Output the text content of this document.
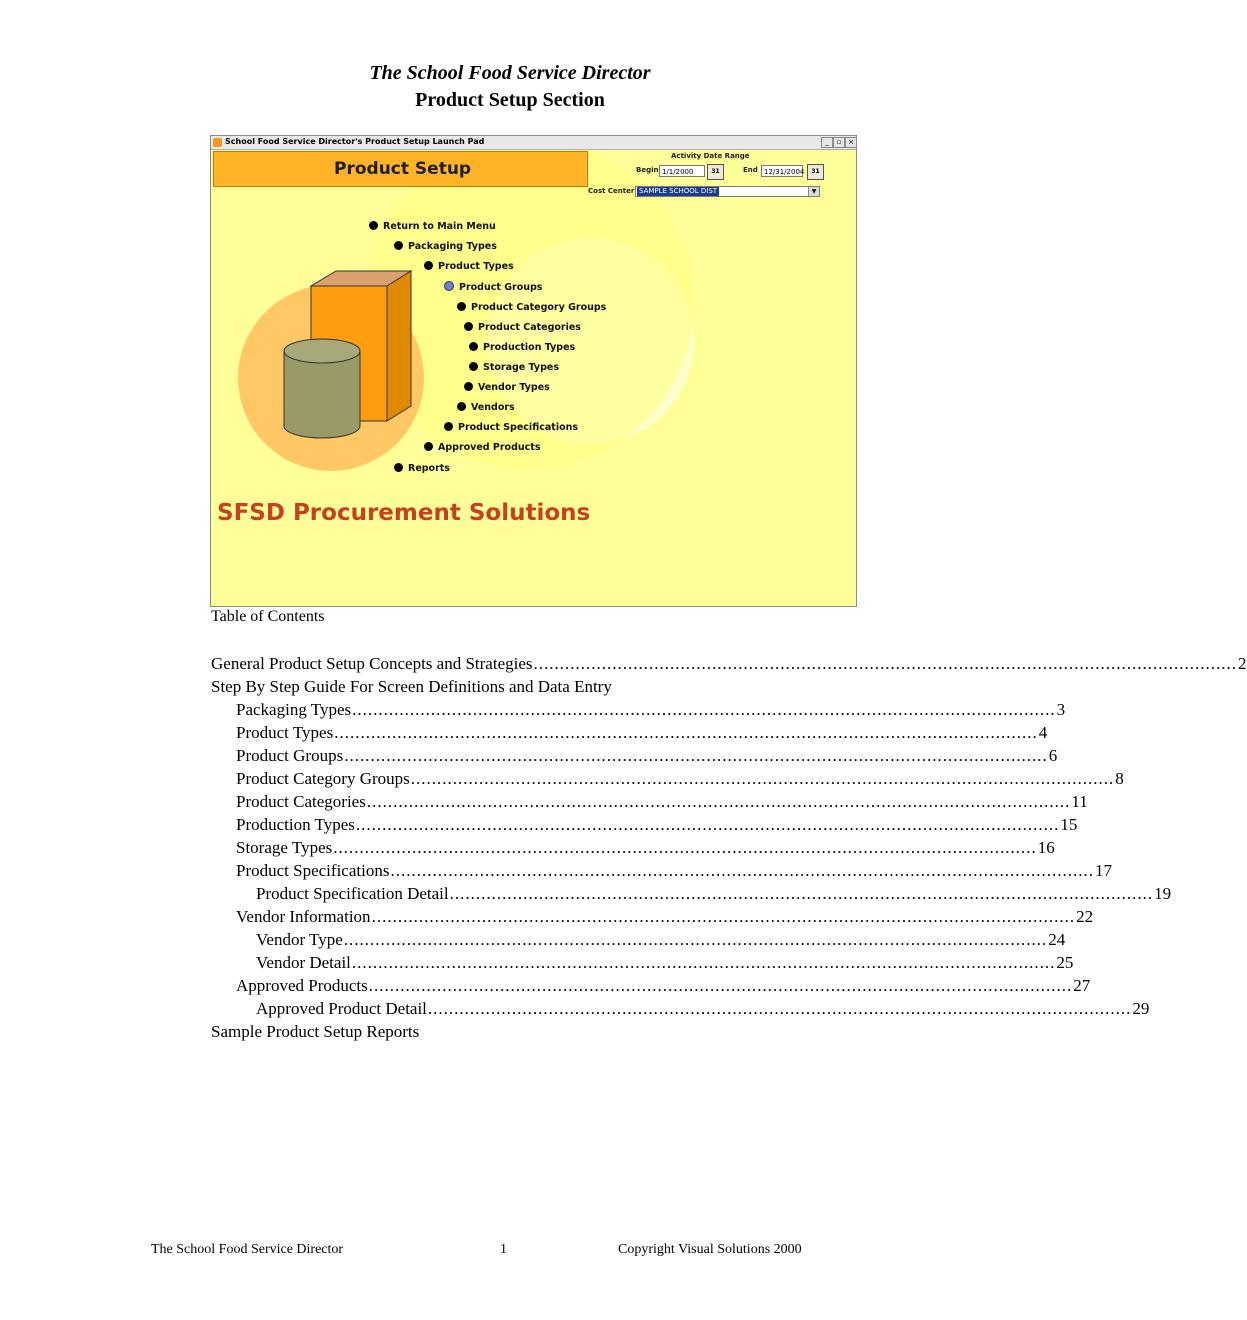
The School Food Service Director
Product Setup Section
School Food Service Director's Product Setup Launch Pad	_	▫ ×
Product Setup
Activity Date Range
Begin 1/1/2000	31	End 12/31/2004	31
Cost Center SAMPLE SCHOOL DIST	▼
Return to Main Menu
Packaging Types
Product Types
Product Groups
Product Category Groups
Product Categories
Production Types
Storage Types
Vendor Types
Vendors
Product Specifications
Approved Products
Reports
SFSD Procurement Solutions
Table of Contents
General Product Setup Concepts and Strategies ...................................................................................................................................... 2
Step By Step Guide For Screen Definitions and Data Entry
Packaging Types ...................................................................................................................................... 3
Product Types ...................................................................................................................................... 4
Product Groups ...................................................................................................................................... 6
Product Category Groups ...................................................................................................................................... 8
Product Categories ...................................................................................................................................... 11
Production Types ...................................................................................................................................... 15
Storage Types ...................................................................................................................................... 16
Product Specifications ...................................................................................................................................... 17
Product Specification Detail ...................................................................................................................................... 19
Vendor Information ...................................................................................................................................... 22
Vendor Type ...................................................................................................................................... 24
Vendor Detail ...................................................................................................................................... 25
Approved Products ...................................................................................................................................... 27
Approved Product Detail ...................................................................................................................................... 29
Sample Product Setup Reports
The School Food Service Director	1	Copyright Visual Solutions 2000
